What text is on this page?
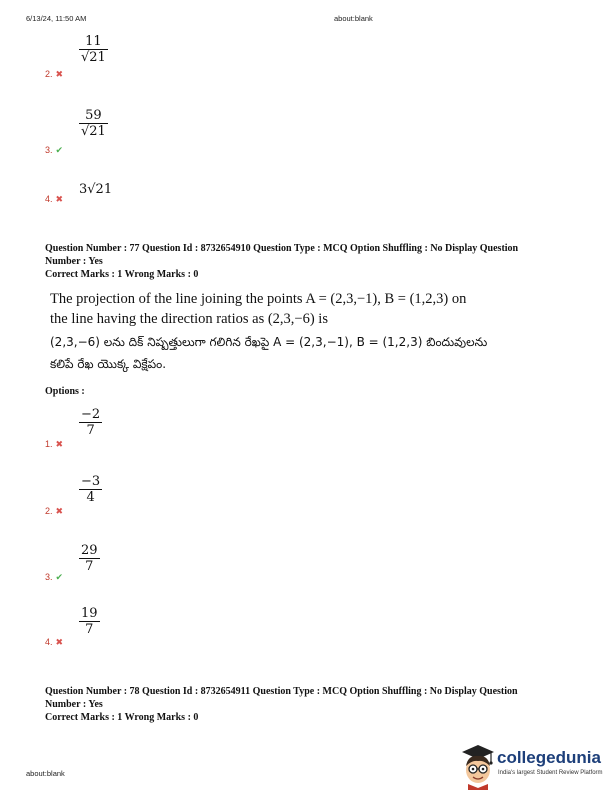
6/13/24, 11:50 AM	about:blank
$\frac{11}{√21}$
2. ✖
$\frac{59}{√21}$
3. ✔
3√21
4. ✖
Question Number : 77 Question Id : 8732654910 Question Type : MCQ Option Shuffling : No Display Question
Number : Yes
Correct Marks : 1 Wrong Marks : 0
The projection of the line joining the points A = (2,3,−1), B = (1,2,3) on
the line having the direction ratios as (2,3,−6) is
(2,3,−6) లను దిక్ నిష్పత్తులుగా గలిగిన రేఖపై A = (2,3,−1), B = (1,2,3) బిందువులను
కలిపే రేఖ యొక్క విక్షేపం.
Options :
$\frac{-2}{7}$
1. ✖
$\frac{-3}{4}$
2. ✖
$\frac{29}{7}$
3. ✔
$\frac{19}{7}$
4. ✖
Question Number : 78 Question Id : 8732654911 Question Type : MCQ Option Shuffling : No Display Question
Number : Yes
Correct Marks : 1 Wrong Marks : 0
about:blank
collegedunia
India's largest Student Review Platform
